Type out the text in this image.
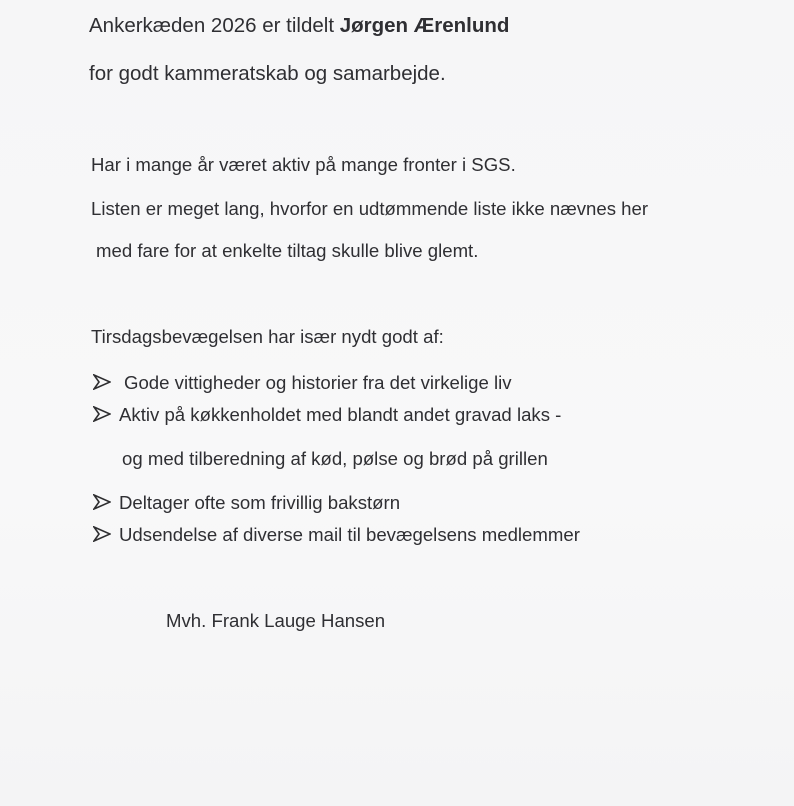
Ankerkæden 2026 er tildelt Jørgen Ærenlund
for godt kammeratskab og samarbejde.
Har i mange år været aktiv på mange fronter i SGS.
Listen er meget lang, hvorfor en udtømmende liste ikke nævnes her
med fare for at enkelte tiltag skulle blive glemt.
Tirsdagsbevægelsen har især nydt godt af:
Gode vittigheder og historier fra det virkelige liv
Aktiv på køkkenholdet med blandt andet gravad laks -
og med tilberedning af kød, pølse og brød på grillen
Deltager ofte som frivillig bakstørn
Udsendelse af diverse mail til bevægelsens medlemmer
Mvh. Frank Lauge Hansen
